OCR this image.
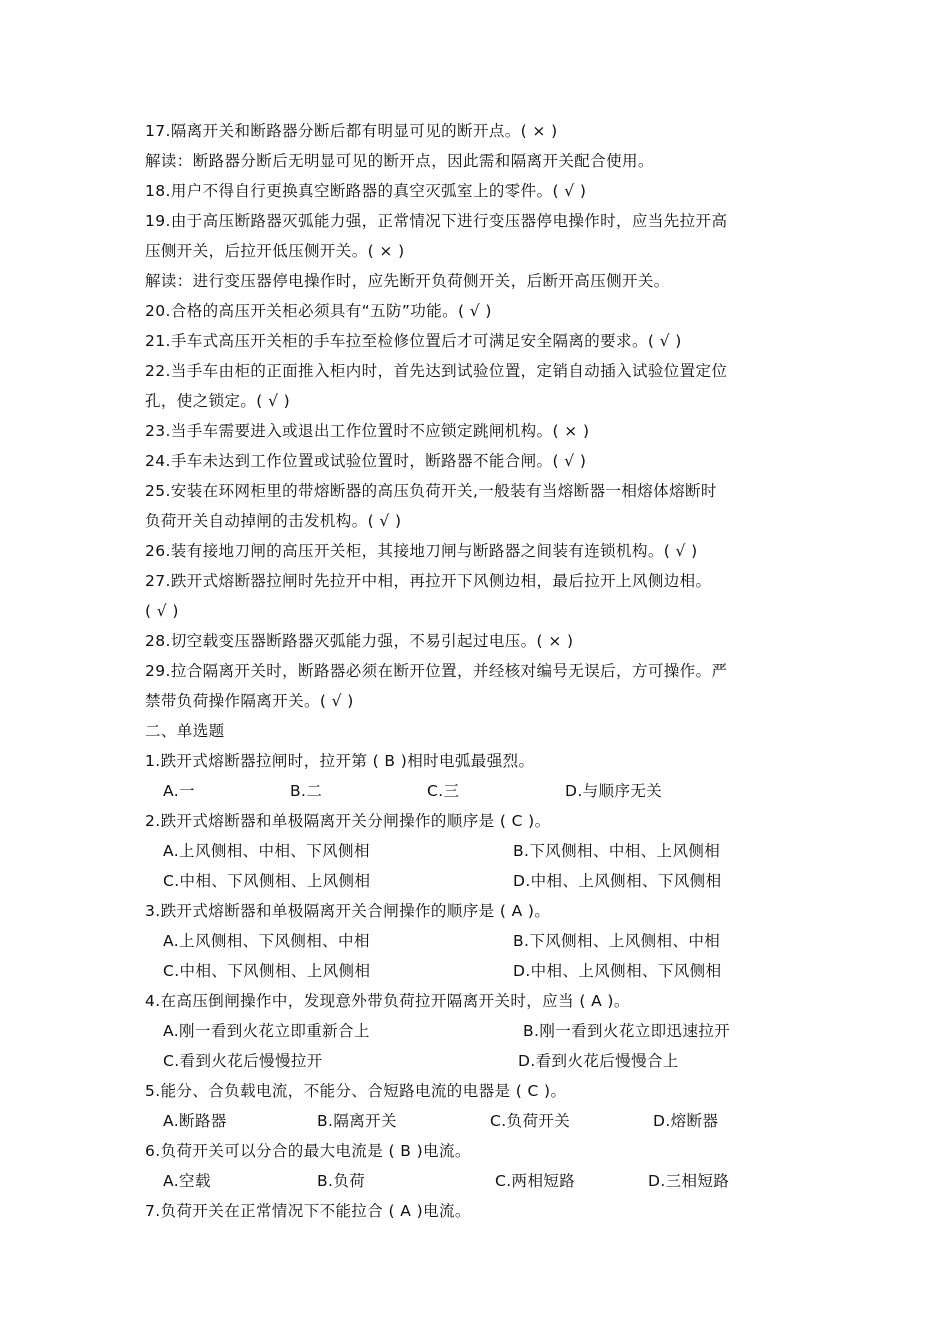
17.隔离开关和断路器分断后都有明显可见的断开点。( × )
解读：断路器分断后无明显可见的断开点，因此需和隔离开关配合使用。
18.用户不得自行更换真空断路器的真空灭弧室上的零件。( √ )
19.由于高压断路器灭弧能力强，正常情况下进行变压器停电操作时，应当先拉开高
压侧开关，后拉开低压侧开关。( × )
解读：进行变压器停电操作时，应先断开负荷侧开关，后断开高压侧开关。
20.合格的高压开关柜必须具有“五防”功能。( √ )
21.手车式高压开关柜的手车拉至检修位置后才可满足安全隔离的要求。( √ )
22.当手车由柜的正面推入柜内时，首先达到试验位置，定销自动插入试验位置定位
孔，使之锁定。( √ )
23.当手车需要进入或退出工作位置时不应锁定跳闸机构。( × )
24.手车未达到工作位置或试验位置时，断路器不能合闸。( √ )
25.安装在环网柜里的带熔断器的高压负荷开关,一般装有当熔断器一相熔体熔断时
负荷开关自动掉闸的击发机构。( √ )
26.装有接地刀闸的高压开关柜，其接地刀闸与断路器之间装有连锁机构。( √ )
27.跌开式熔断器拉闸时先拉开中相，再拉开下风侧边相，最后拉开上风侧边相。
( √ )
28.切空载变压器断路器灭弧能力强，不易引起过电压。( × )
29.拉合隔离开关时，断路器必须在断开位置，并经核对编号无误后，方可操作。严
禁带负荷操作隔离开关。( √ )
二、单选题
1.跌开式熔断器拉闸时，拉开第 ( B )相时电弧最强烈。
A.一	B.二	C.三	D.与顺序无关
2.跌开式熔断器和单极隔离开关分闸操作的顺序是 ( C )。
A.上风侧相、中相、下风侧相	B.下风侧相、中相、上风侧相
C.中相、下风侧相、上风侧相	D.中相、上风侧相、下风侧相
3.跌开式熔断器和单极隔离开关合闸操作的顺序是 ( A )。
A.上风侧相、下风侧相、中相	B.下风侧相、上风侧相、中相
C.中相、下风侧相、上风侧相	D.中相、上风侧相、下风侧相
4.在高压倒闸操作中，发现意外带负荷拉开隔离开关时，应当 ( A )。
A.刚一看到火花立即重新合上	B.刚一看到火花立即迅速拉开
C.看到火花后慢慢拉开	D.看到火花后慢慢合上
5.能分、合负载电流，不能分、合短路电流的电器是 ( C )。
A.断路器	B.隔离开关	C.负荷开关	D.熔断器
6.负荷开关可以分合的最大电流是 ( B )电流。
A.空载	B.负荷	C.两相短路	D.三相短路
7.负荷开关在正常情况下不能拉合 ( A )电流。
